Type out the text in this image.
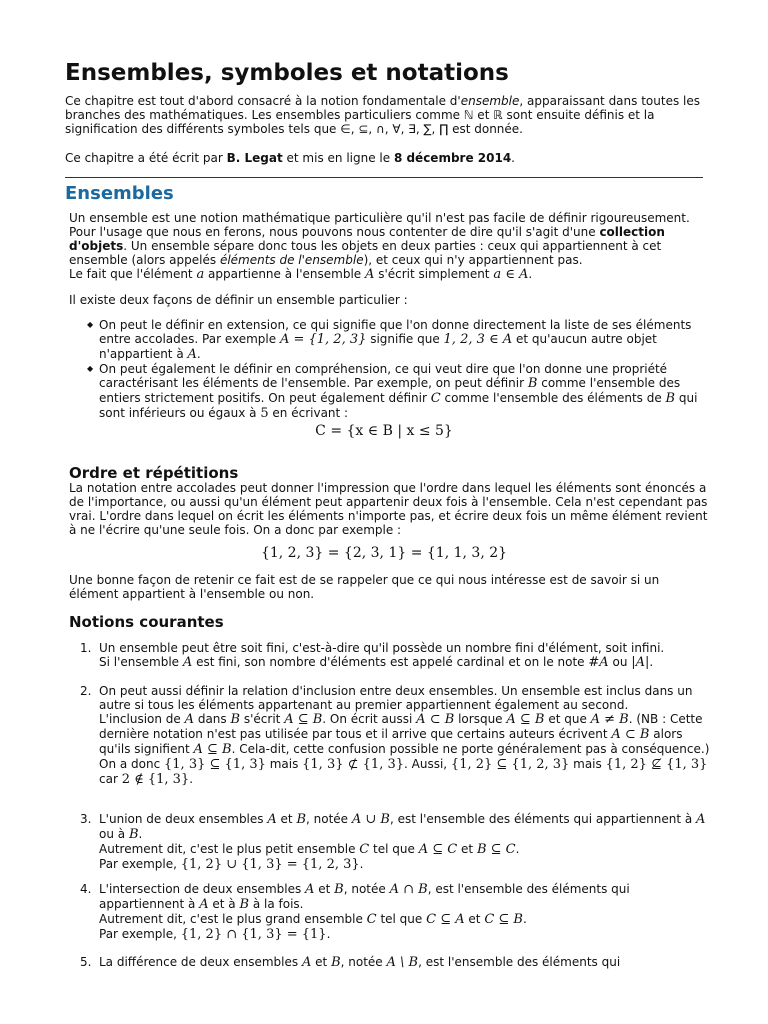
Ensembles, symboles et notations

Ce chapitre est tout d'abord consacré à la notion fondamentale d'ensemble, apparaissant dans toutes les branches des mathématiques. Les ensembles particuliers comme ℕ et ℝ sont ensuite définis et la signification des différents symboles tels que ∈, ⊆, ∩, ∀, ∃, ∑, ∏ est donnée.

Ce chapitre a été écrit par B. Legat et mis en ligne le 8 décembre 2014.

Ensembles

Un ensemble est une notion mathématique particulière qu'il n'est pas facile de définir rigoureusement. Pour l'usage que nous en ferons, nous pouvons nous contenter de dire qu'il s'agit d'une collection d'objets. Un ensemble sépare donc tous les objets en deux parties : ceux qui appartiennent à cet ensemble (alors appelés éléments de l'ensemble), et ceux qui n'y appartiennent pas.
Le fait que l'élément a appartienne à l'ensemble A s'écrit simplement a ∈ A.

Il existe deux façons de définir un ensemble particulier :

◆ On peut le définir en extension, ce qui signifie que l'on donne directement la liste de ses éléments entre accolades. Par exemple A = {1, 2, 3} signifie que 1, 2, 3 ∈ A et qu'aucun autre objet n'appartient à A.
◆ On peut également le définir en compréhension, ce qui veut dire que l'on donne une propriété caractérisant les éléments de l'ensemble. Par exemple, on peut définir B comme l'ensemble des entiers strictement positifs. On peut également définir C comme l'ensemble des éléments de B qui sont inférieurs ou égaux à 5 en écrivant :

C = {x ∈ B | x ≤ 5}

Ordre et répétitions

La notation entre accolades peut donner l'impression que l'ordre dans lequel les éléments sont énoncés a de l'importance, ou aussi qu'un élément peut appartenir deux fois à l'ensemble. Cela n'est cependant pas vrai. L'ordre dans lequel on écrit les éléments n'importe pas, et écrire deux fois un même élément revient à ne l'écrire qu'une seule fois. On a donc par exemple :

{1, 2, 3} = {2, 3, 1} = {1, 1, 3, 2}

Une bonne façon de retenir ce fait est de se rappeler que ce qui nous intéresse est de savoir si un élément appartient à l'ensemble ou non.

Notions courantes
1. Un ensemble peut être soit fini, c'est-à-dire qu'il possède un nombre fini d'élément, soit infini.
Si l'ensemble A est fini, son nombre d'éléments est appelé cardinal et on le note #A ou |A|.
2. On peut aussi définir la relation d'inclusion entre deux ensembles. Un ensemble est inclus dans un autre si tous les éléments appartenant au premier appartiennent également au second.
L'inclusion de A dans B s'écrit A ⊆ B. On écrit aussi A ⊂ B lorsque A ⊆ B et que A ≠ B. (NB : Cette dernière notation n'est pas utilisée par tous et il arrive que certains auteurs écrivent A ⊂ B alors qu'ils signifient A ⊆ B. Cela-dit, cette confusion possible ne porte généralement pas à conséquence.)
On a donc {1, 3} ⊆ {1, 3} mais {1, 3} ⊄ {1, 3}. Aussi, {1, 2} ⊆ {1, 2, 3} mais {1, 2} ⊈ {1, 3} car 2 ∉ {1, 3}.
3. L'union de deux ensembles A et B, notée A ∪ B, est l'ensemble des éléments qui appartiennent à A ou à B.
Autrement dit, c'est le plus petit ensemble C tel que A ⊆ C et B ⊆ C.
Par exemple, {1, 2} ∪ {1, 3} = {1, 2, 3}.
4. L'intersection de deux ensembles A et B, notée A ∩ B, est l'ensemble des éléments qui appartiennent à A et à B à la fois.
Autrement dit, c'est le plus grand ensemble C tel que C ⊆ A et C ⊆ B.
Par exemple, {1, 2} ∩ {1, 3} = {1}.
5. La différence de deux ensembles A et B, notée A \ B, est l'ensemble des éléments qui
